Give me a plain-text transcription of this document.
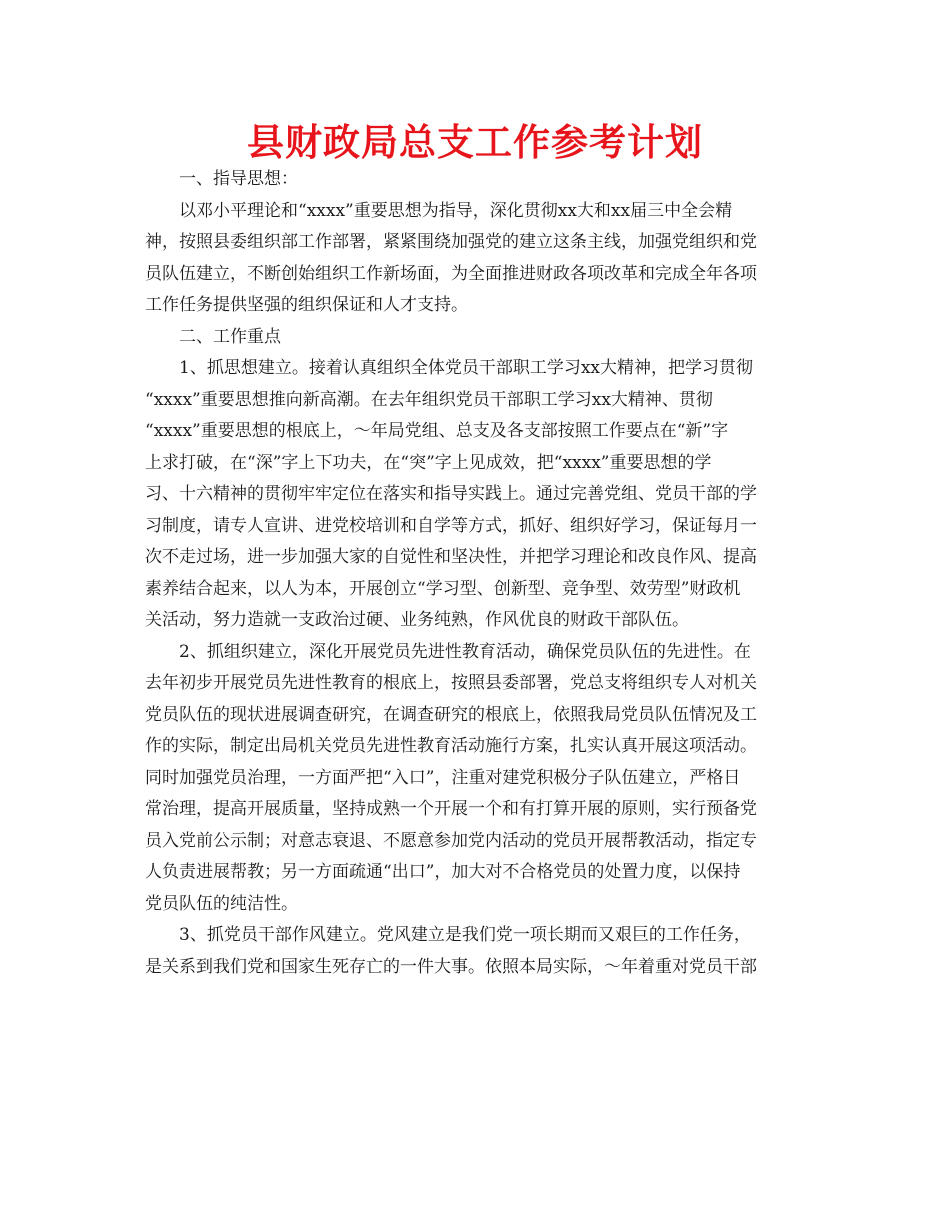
县财政局总支工作参考计划

一、指导思想：

以邓小平理论和“xxxx”重要思想为指导，深化贯彻xx大和xx届三中全会精
神，按照县委组织部工作部署，紧紧围绕加强党的建立这条主线，加强党组织和党
员队伍建立，不断创始组织工作新场面，为全面推进财政各项改革和完成全年各项
工作任务提供坚强的组织保证和人才支持。

二、工作重点

1、抓思想建立。接着认真组织全体党员干部职工学习xx大精神，把学习贯彻
“xxxx”重要思想推向新高潮。在去年组织党员干部职工学习xx大精神、贯彻
“xxxx”重要思想的根底上，～年局党组、总支及各支部按照工作要点在“新”字
上求打破，在“深”字上下功夫，在“突”字上见成效，把“xxxx”重要思想的学
习、十六精神的贯彻牢牢定位在落实和指导实践上。通过完善党组、党员干部的学
习制度，请专人宣讲、进党校培训和自学等方式，抓好、组织好学习，保证每月一
次不走过场，进一步加强大家的自觉性和坚决性，并把学习理论和改良作风、提高
素养结合起来，以人为本，开展创立“学习型、创新型、竞争型、效劳型”财政机
关活动，努力造就一支政治过硬、业务纯熟，作风优良的财政干部队伍。

2、抓组织建立，深化开展党员先进性教育活动，确保党员队伍的先进性。在
去年初步开展党员先进性教育的根底上，按照县委部署，党总支将组织专人对机关
党员队伍的现状进展调查研究，在调查研究的根底上，依照我局党员队伍情况及工
作的实际，制定出局机关党员先进性教育活动施行方案，扎实认真开展这项活动。
同时加强党员治理，一方面严把“入口”，注重对建党积极分子队伍建立，严格日
常治理，提高开展质量，坚持成熟一个开展一个和有打算开展的原则，实行预备党
员入党前公示制；对意志衰退、不愿意参加党内活动的党员开展帮教活动，指定专
人负责进展帮教；另一方面疏通“出口”，加大对不合格党员的处置力度，以保持
党员队伍的纯洁性。

3、抓党员干部作风建立。党风建立是我们党一项长期而又艰巨的工作任务，
是关系到我们党和国家生死存亡的一件大事。依照本局实际，～年着重对党员干部
